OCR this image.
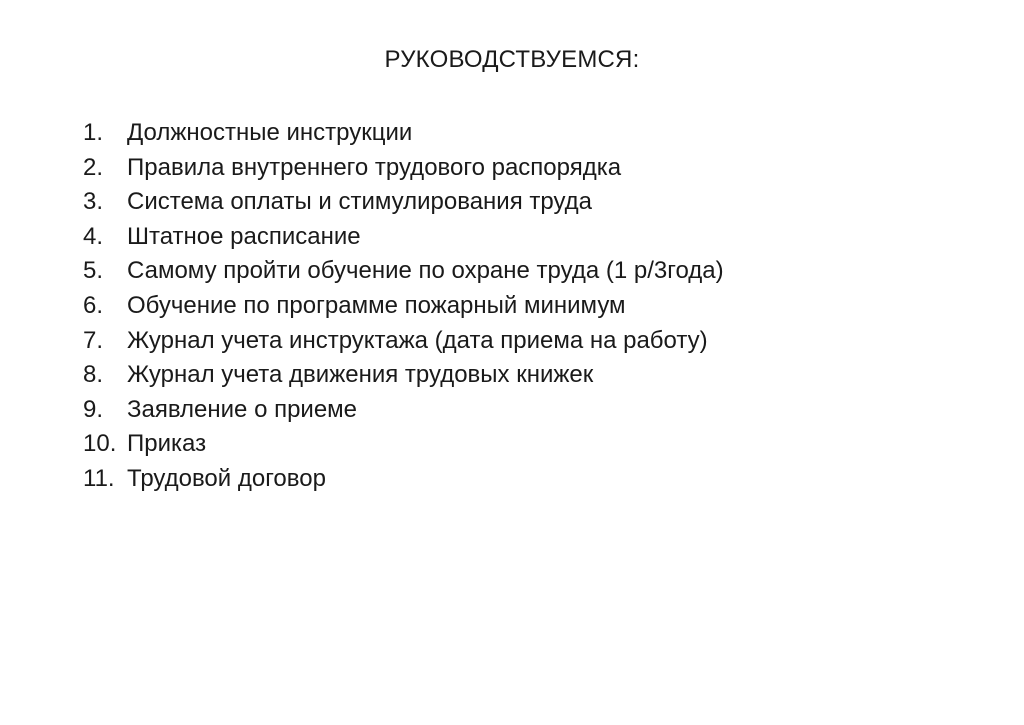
РУКОВОДСТВУЕМСЯ:
1. Должностные инструкции
2. Правила внутреннего трудового распорядка
3. Система оплаты и стимулирования труда
4. Штатное расписание
5. Самому пройти обучение по охране труда (1 р/3года)
6. Обучение по программе пожарный минимум
7. Журнал учета инструктажа (дата приема на работу)
8. Журнал учета движения трудовых книжек
9. Заявление о приеме
10. Приказ
11. Трудовой договор
